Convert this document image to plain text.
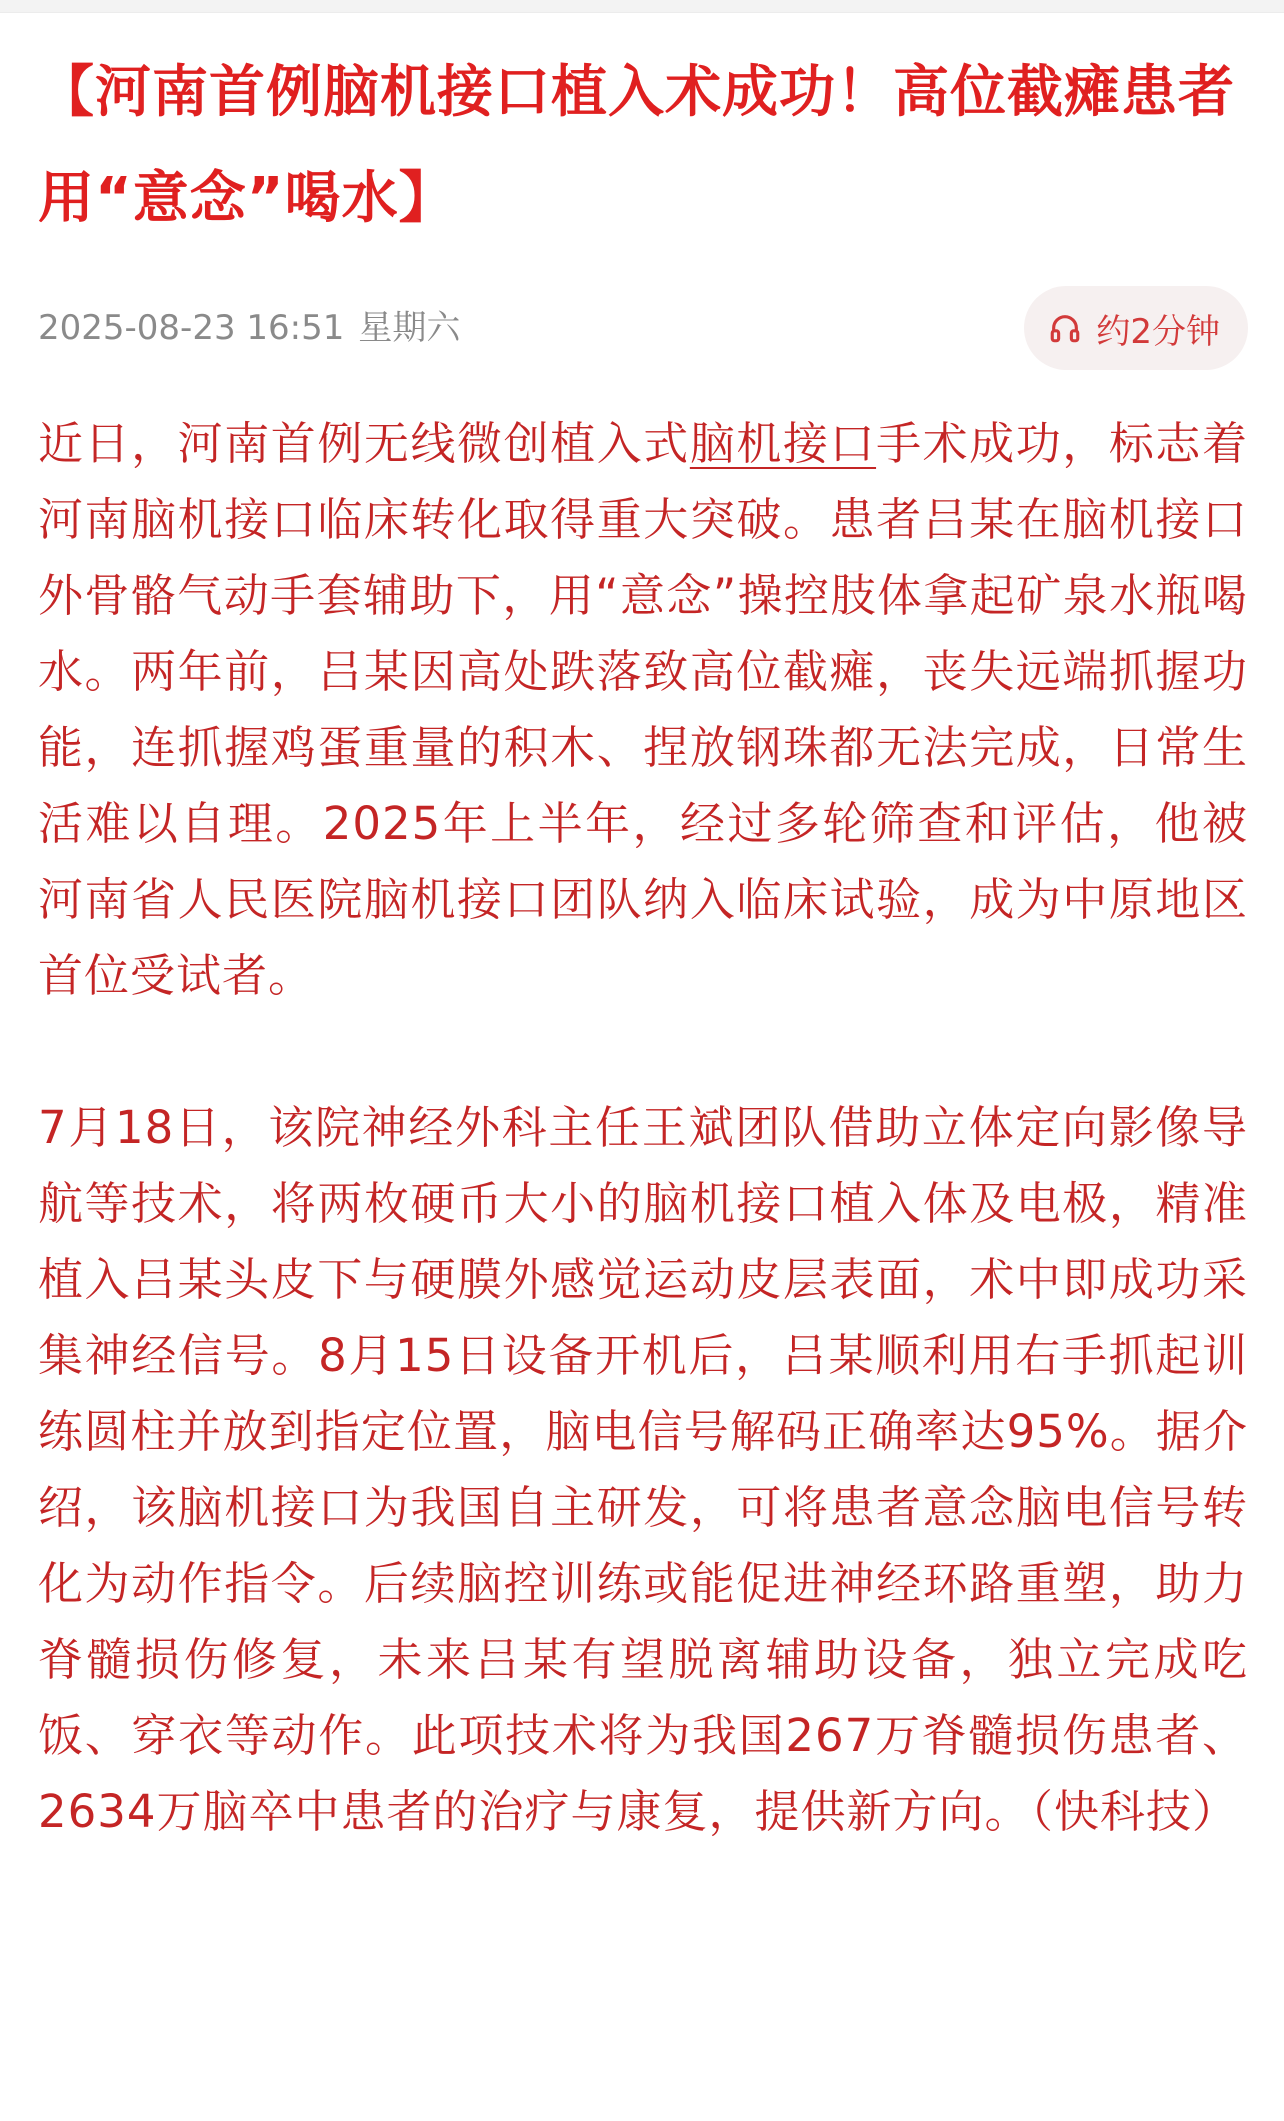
【河南首例脑机接口植入术成功！高位截瘫患者用“意念”喝水】
2025-08-23 16:51 星期六	约2分钟

近日，河南首例无线微创植入式脑机接口手术成功，标志着河南脑机接口临床转化取得重大突破。患者吕某在脑机接口外骨骼气动手套辅助下，用“意念”操控肢体拿起矿泉水瓶喝水。两年前，吕某因高处跌落致高位截瘫，丧失远端抓握功能，连抓握鸡蛋重量的积木、捏放钢珠都无法完成，日常生活难以自理。2025年上半年，经过多轮筛查和评估，他被河南省人民医院脑机接口团队纳入临床试验，成为中原地区首位受试者。

7月18日，该院神经外科主任王斌团队借助立体定向影像导航等技术，将两枚硬币大小的脑机接口植入体及电极，精准植入吕某头皮下与硬膜外感觉运动皮层表面，术中即成功采集神经信号。8月15日设备开机后，吕某顺利用右手抓起训练圆柱并放到指定位置，脑电信号解码正确率达95%。据介绍，该脑机接口为我国自主研发，可将患者意念脑电信号转化为动作指令。后续脑控训练或能促进神经环路重塑，助力脊髓损伤修复，未来吕某有望脱离辅助设备，独立完成吃饭、穿衣等动作。此项技术将为我国267万脊髓损伤患者、2634万脑卒中患者的治疗与康复，提供新方向。（快科技）
